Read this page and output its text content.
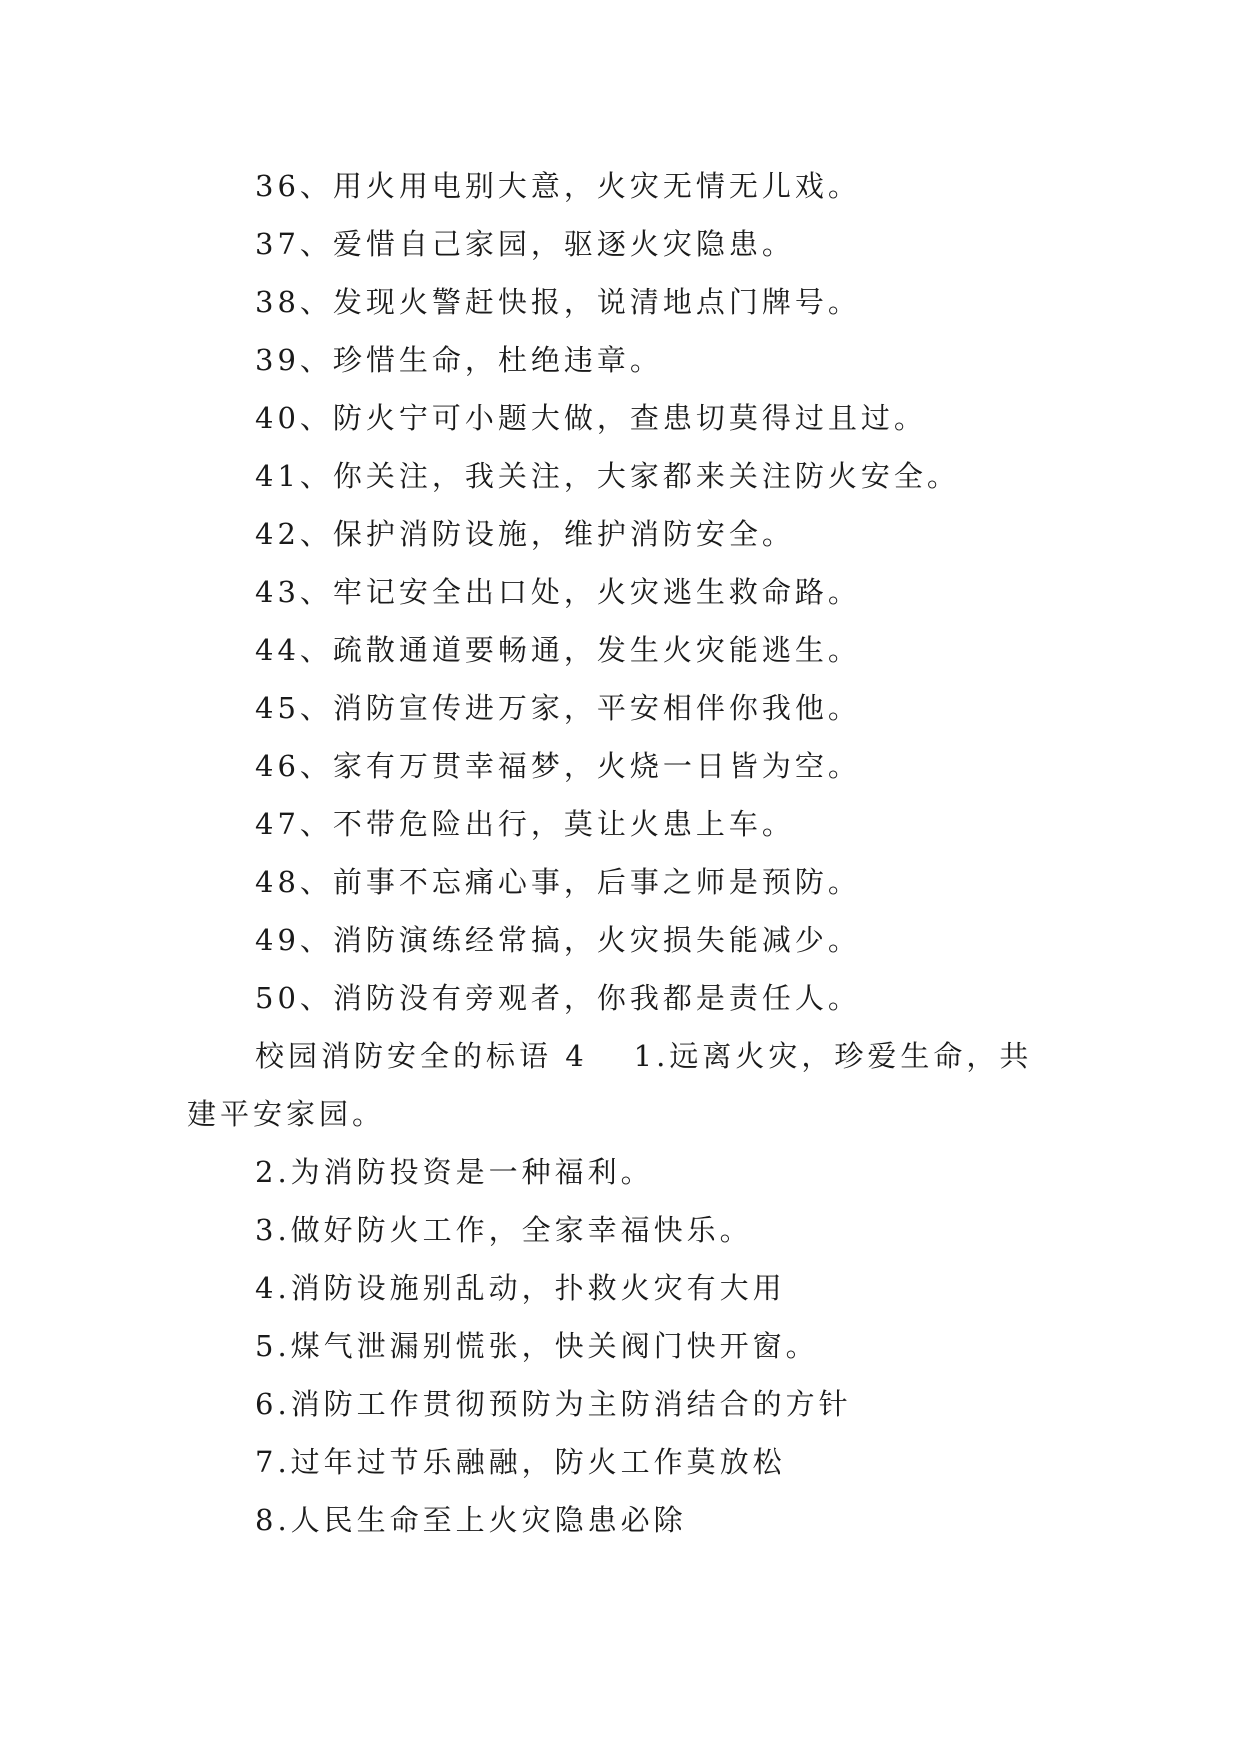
36、用火用电别大意，火灾无情无儿戏。
37、爱惜自己家园，驱逐火灾隐患。
38、发现火警赶快报，说清地点门牌号。
39、珍惜生命，杜绝违章。
40、防火宁可小题大做，查患切莫得过且过。
41、你关注，我关注，大家都来关注防火安全。
42、保护消防设施，维护消防安全。
43、牢记安全出口处，火灾逃生救命路。
44、疏散通道要畅通，发生火灾能逃生。
45、消防宣传进万家，平安相伴你我他。
46、家有万贯幸福梦，火烧一日皆为空。
47、不带危险出行，莫让火患上车。
48、前事不忘痛心事，后事之师是预防。
49、消防演练经常搞，火灾损失能减少。
50、消防没有旁观者，你我都是责任人。
校园消防安全的标语 4 1.远离火灾，珍爱生命，共
建平安家园。
2.为消防投资是一种福利。
3.做好防火工作，全家幸福快乐。
4.消防设施别乱动，扑救火灾有大用
5.煤气泄漏别慌张，快关阀门快开窗。
6.消防工作贯彻预防为主防消结合的方针
7.过年过节乐融融，防火工作莫放松
8.人民生命至上火灾隐患必除
